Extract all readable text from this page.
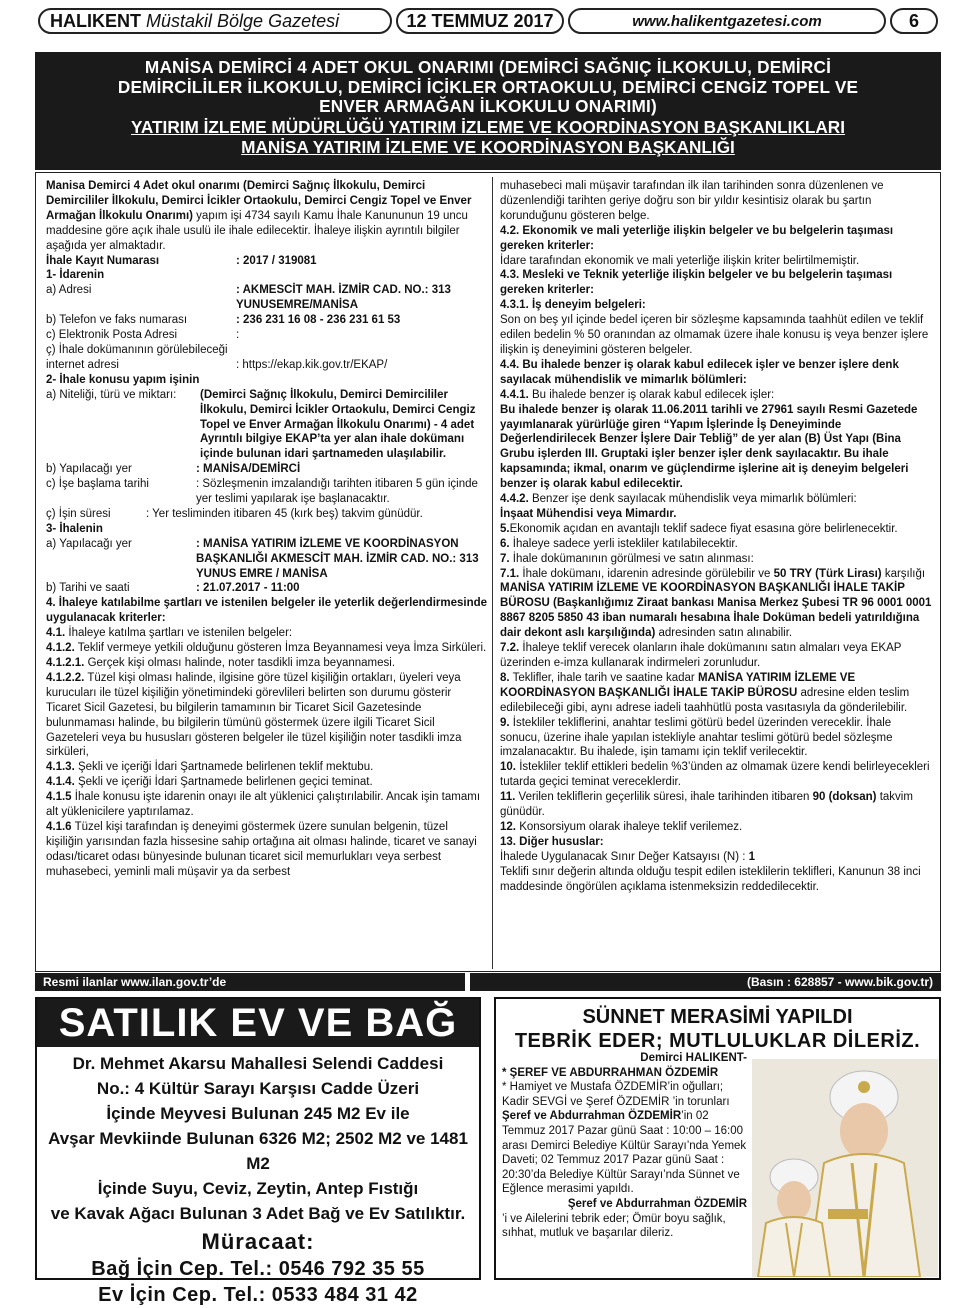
HALIKENT
Müstakil Bölge Gazetesi	12 TEMMUZ 2017	www.halikentgazetesi.com	6
MANİSA DEMİRCİ 4 ADET OKUL ONARIMI (DEMİRCİ SAĞNIÇ İLKOKULU, DEMİRCİ
DEMİRCİLİLER İLKOKULU, DEMİRCİ İCİKLER ORTAOKULU, DEMİRCİ CENGİZ TOPEL VE
ENVER ARMAĞAN İLKOKULU ONARIMI)
YATIRIM İZLEME MÜDÜRLÜĞÜ YATIRIM İZLEME VE KOORDİNASYON BAŞKANLIKLARI
MANİSA YATIRIM İZLEME VE KOORDİNASYON BAŞKANLIĞI

Manisa Demirci 4 Adet okul onarımı (Demirci Sağnıç İlkokulu, Demirci Demircililer İlkokulu, Demirci İcikler Ortaokulu, Demirci Cengiz Topel ve Enver Armağan İlkokulu Onarımı) yapım işi 4734 sayılı Kamu İhale Kanununun 19 uncu maddesine göre açık ihale usulü ile ihale edilecektir. İhaleye ilişkin ayrıntılı bilgiler aşağıda yer almaktadır.

İhale Kayıt Numarası	: 2017 / 319081

1- İdarenin

a) Adresi	: AKMESCİT MAH. İZMİR CAD. NO.: 313 YUNUSEMRE/MANİSA
b) Telefon ve faks numarası	: 236 231 16 08 - 236 231 61 53
c) Elektronik Posta Adresi	:
ç) İhale dokümanının görülebileceği internet adresi	: https://ekap.kik.gov.tr/EKAP/

2- İhale konusu yapım işinin

a) Niteliği, türü ve miktarı:	(Demirci Sağnıç İlkokulu, Demirci Demircililer İlkokulu, Demirci İcikler Ortaokulu, Demirci Cengiz Topel ve Enver Armağan İlkokulu Onarımı) - 4 adet
Ayrıntılı bilgiye EKAP’ta yer alan ihale dokümanı içinde bulunan idari şartnameden ulaşılabilir.
b) Yapılacağı yer	: MANİSA/DEMİRCİ
c) İşe başlama tarihi	: Sözleşmenin imzalandığı tarihten itibaren 5 gün içinde yer teslimi yapılarak işe başlanacaktır.
ç) İşin süresi	: Yer tesliminden itibaren 45 (kırk beş) takvim günüdür.

3- İhalenin

a) Yapılacağı yer	: MANİSA YATIRIM İZLEME VE KOORDİNASYON BAŞKANLIĞI AKMESCİT MAH. İZMİR CAD. NO.: 313 YUNUS EMRE / MANİSA
b) Tarihi ve saati	: 21.07.2017 - 11:00

4. İhaleye katılabilme şartları ve istenilen belgeler ile yeterlik değerlendirmesinde uygulanacak kriterler:

4.1. İhaleye katılma şartları ve istenilen belgeler:

4.1.2. Teklif vermeye yetkili olduğunu gösteren İmza Beyannamesi veya İmza Sirküleri.

4.1.2.1. Gerçek kişi olması halinde, noter tasdikli imza beyannamesi.

4.1.2.2. Tüzel kişi olması halinde, ilgisine göre tüzel kişiliğin ortakları, üyeleri veya kurucuları ile tüzel kişiliğin yönetimindeki görevlileri belirten son durumu gösterir Ticaret Sicil Gazetesi, bu bilgilerin tamamının bir Ticaret Sicil Gazetesinde bulunmaması halinde, bu bilgilerin tümünü göstermek üzere ilgili Ticaret Sicil Gazeteleri veya bu hususları gösteren belgeler ile tüzel kişiliğin noter tasdikli imza sirküleri,

4.1.3. Şekli ve içeriği İdari Şartnamede belirlenen teklif mektubu.

4.1.4. Şekli ve içeriği İdari Şartnamede belirlenen geçici teminat.

4.1.5 İhale konusu işte idarenin onayı ile alt yüklenici çalıştırılabilir. Ancak işin tamamı alt yüklenicilere yaptırılamaz.

4.1.6 Tüzel kişi tarafından iş deneyimi göstermek üzere sunulan belgenin, tüzel kişiliğin yarısından fazla hissesine sahip ortağına ait olması halinde, ticaret ve sanayi odası/ticaret odası bünyesinde bulunan ticaret sicil memurlukları veya serbest muhasebeci, yeminli mali müşavir ya da serbest

muhasebeci mali müşavir tarafından ilk ilan tarihinden sonra düzenlenen ve düzenlendiği tarihten geriye doğru son bir yıldır kesintisiz olarak bu şartın korunduğunu gösteren belge.

4.2. Ekonomik ve mali yeterliğe ilişkin belgeler ve bu belgelerin taşıması gereken kriterler:

İdare tarafından ekonomik ve mali yeterliğe ilişkin kriter belirtilmemiştir.

4.3. Mesleki ve Teknik yeterliğe ilişkin belgeler ve bu belgelerin taşıması gereken kriterler:

4.3.1. İş deneyim belgeleri:

Son on beş yıl içinde bedel içeren bir sözleşme kapsamında taahhüt edilen ve teklif edilen bedelin % 50 oranından az olmamak üzere ihale konusu iş veya benzer işlere ilişkin iş deneyimini gösteren belgeler.

4.4. Bu ihalede benzer iş olarak kabul edilecek işler ve benzer işlere denk sayılacak mühendislik ve mimarlık bölümleri:

4.4.1. Bu ihalede benzer iş olarak kabul edilecek işler:

Bu ihalede benzer iş olarak 11.06.2011 tarihli ve 27961 sayılı Resmi Gazetede yayımlanarak yürürlüğe giren “Yapım İşlerinde İş Deneyiminde Değerlendirilecek Benzer İşlere Dair Tebliğ” de yer alan (B) Üst Yapı (Bina Grubu işlerden III. Gruptaki işler benzer işler denk sayılacaktır. Bu ihale kapsamında; ikmal, onarım ve güçlendirme işlerine ait iş deneyim belgeleri benzer iş olarak kabul edilecektir.

4.4.2. Benzer işe denk sayılacak mühendislik veya mimarlık bölümleri:

İnşaat Mühendisi veya Mimardır.

5.Ekonomik açıdan en avantajlı teklif sadece fiyat esasına göre belirlenecektir.

6. İhaleye sadece yerli istekliler katılabilecektir.

7. İhale dokümanının görülmesi ve satın alınması:

7.1. İhale dokümanı, idarenin adresinde görülebilir ve 50 TRY (Türk Lirası) karşılığı MANİSA YATIRIM İZLEME VE KOORDİNASYON BAŞKANLIĞI İHALE TAKİP BÜROSU (Başkanlığımız Ziraat bankası Manisa Merkez Şubesi TR 96 0001 0001 8867 8205 5850 43 iban numaralı hesabına İhale Doküman bedeli yatırıldığına dair dekont aslı karşılığında) adresinden satın alınabilir.

7.2. İhaleye teklif verecek olanların ihale dokümanını satın almaları veya EKAP üzerinden e-imza kullanarak indirmeleri zorunludur.

8. Teklifler, ihale tarih ve saatine kadar MANİSA YATIRIM İZLEME VE KOORDİNASYON BAŞKANLIĞI İHALE TAKİP BÜROSU adresine elden teslim edilebileceği gibi, aynı adrese iadeli taahhütlü posta vasıtasıyla da gönderilebilir.

9. İstekliler tekliflerini, anahtar teslimi götürü bedel üzerinden vereceklir. İhale sonucu, üzerine ihale yapılan istekliyle anahtar teslimi götürü bedel sözleşme imzalanacaktır. Bu ihalede, işin tamamı için teklif verilecektir.

10. İstekliler teklif ettikleri bedelin %3’ünden az olmamak üzere kendi belirleyecekleri tutarda geçici teminat vereceklerdir.

11. Verilen tekliflerin geçerlilik süresi, ihale tarihinden itibaren 90 (doksan) takvim günüdür.

12. Konsorsiyum olarak ihaleye teklif verilemez.

13. Diğer hususlar:

İhalede Uygulanacak Sınır Değer Katsayısı (N) : 1

Teklifi sınır değerin altında olduğu tespit edilen isteklilerin teklifleri, Kanunun 38 inci maddesinde öngörülen açıklama istenmeksizin reddedilecektir.

Resmi ilanlar www.ilan.gov.tr’de	(Basın : 628857 - www.bik.gov.tr)
SATILIK EV VE BAĞ
Dr. Mehmet Akarsu Mahallesi Selendi Caddesi
No.: 4 Kültür Sarayı Karşısı Cadde Üzeri
İçinde Meyvesi Bulunan 245 M2 Ev ile
Avşar Mevkiinde Bulunan 6326 M2; 2502 M2 ve 1481 M2
İçinde Suyu, Ceviz, Zeytin, Antep Fıstığı
ve Kavak Ağacı Bulunan 3 Adet Bağ ve Ev Satılıktır.
Müracaat:
Bağ İçin Cep. Tel.: 0546 792 35 55
Ev İçin Cep. Tel.: 0533 484 31 42
SÜNNET MERASİMİ YAPILDI
TEBRİK EDER; MUTLULUKLAR DİLERİZ.

Demirci HALIKENT-

* ŞEREF VE ABDURRAHMAN ÖZDEMİR

* Hamiyet ve Mustafa ÖZDEMİR’in oğulları; Kadir SEVGİ ve Şeref ÖZDEMİR ’in torunları Şeref ve Abdurrahman ÖZDEMİR’in 02 Temmuz 2017 Pazar günü Saat : 10:00 – 16:00 arası Demirci Belediye Kültür Sarayı’nda Yemek Daveti; 02 Temmuz 2017 Pazar günü Saat : 20:30’da Belediye Kültür Sarayı’nda Sünnet ve Eğlence merasimi yapıldı.

Şeref ve Abdurrahman ÖZDEMİR

’i ve Ailelerini tebrik eder; Ömür boyu sağlık, sıhhat, mutluk ve başarılar dileriz.
